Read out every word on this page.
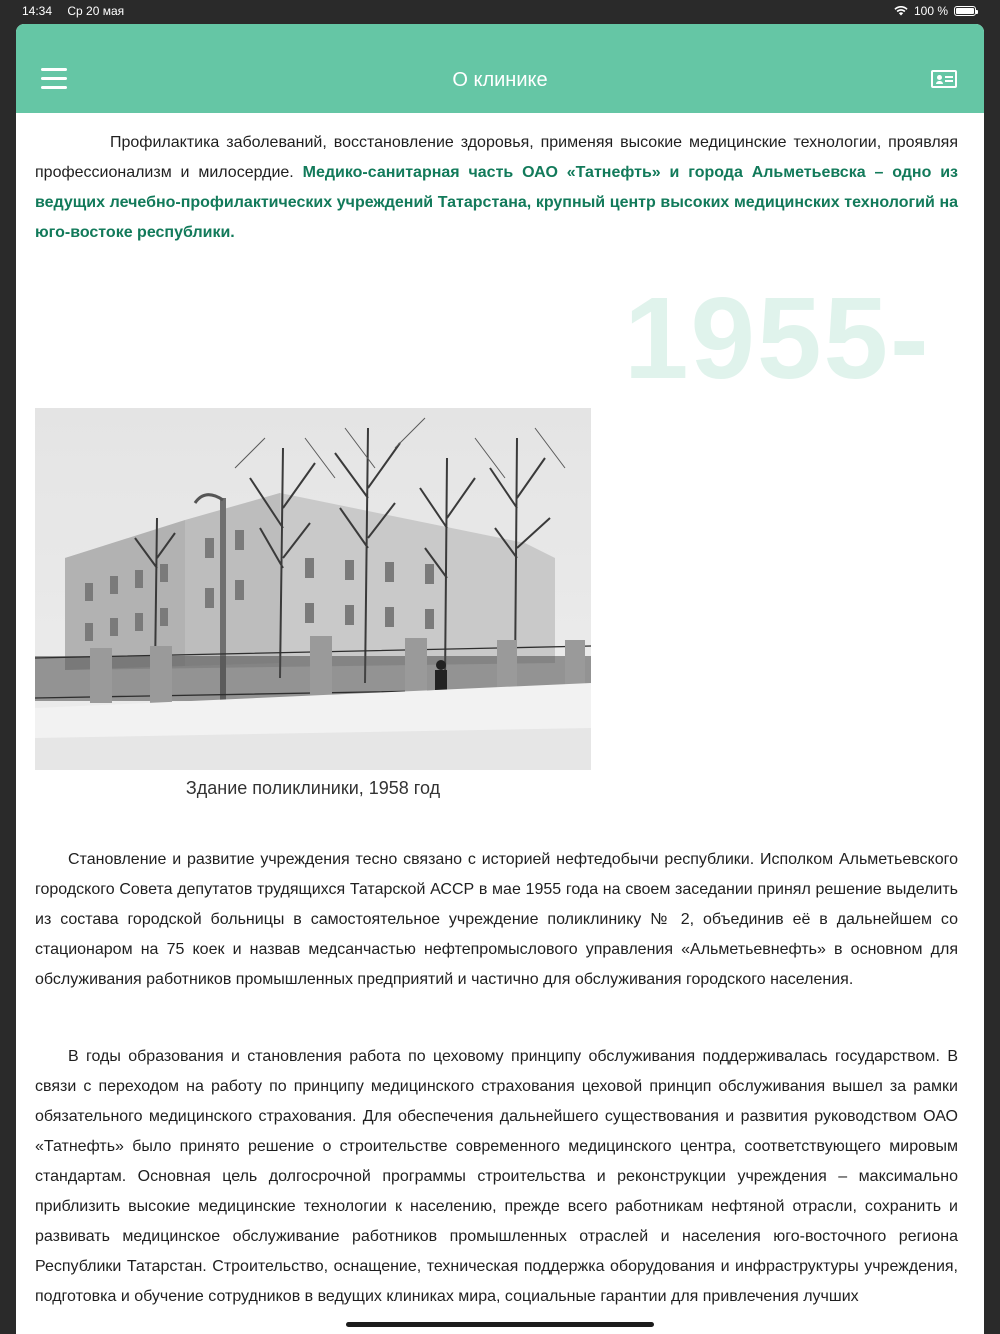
14:34 Ср 20 мая	100 %
О клинике

Профилактика заболеваний, восстановление здоровья, применяя высокие медицинские технологии, проявляя профессионализм и милосердие. Медико-санитарная часть ОАО «Татнефть» и города Альметьевска – одно из ведущих лечебно-профилактических учреждений Татарстана, крупный центр высоких медицинских технологий на юго-востоке республики.

1955-
Здание поликлиники, 1958 год

Становление и развитие учреждения тесно связано с историей нефтедобычи республики. Исполком Альметьевского городского Совета депутатов трудящихся Татарской АССР в мае 1955 года на своем заседании принял решение выделить из состава городской больницы в самостоятельное учреждение поликлинику № 2, объединив её в дальнейшем со стационаром на 75 коек и назвав медсанчастью нефтепромыслового управления «Альметьевнефть» в основном для обслуживания работников промышленных предприятий и частично для обслуживания городского населения.

В годы образования и становления работа по цеховому принципу обслуживания поддерживалась государством. В связи с переходом на работу по принципу медицинского страхования цеховой принцип обслуживания вышел за рамки обязательного медицинского страхования. Для обеспечения дальнейшего существования и развития руководством ОАО «Татнефть» было принято решение о строительстве современного медицинского центра, соответствующего мировым стандартам. Основная цель долгосрочной программы строительства и реконструкции учреждения – максимально приблизить высокие медицинские технологии к населению, прежде всего работникам нефтяной отрасли, сохранить и развивать медицинское обслуживание работников промышленных отраслей и населения юго-восточного региона Республики Татарстан. Строительство, оснащение, техническая поддержка оборудования и инфраструктуры учреждения, подготовка и обучение сотрудников в ведущих клиниках мира, социальные гарантии для привлечения лучших
